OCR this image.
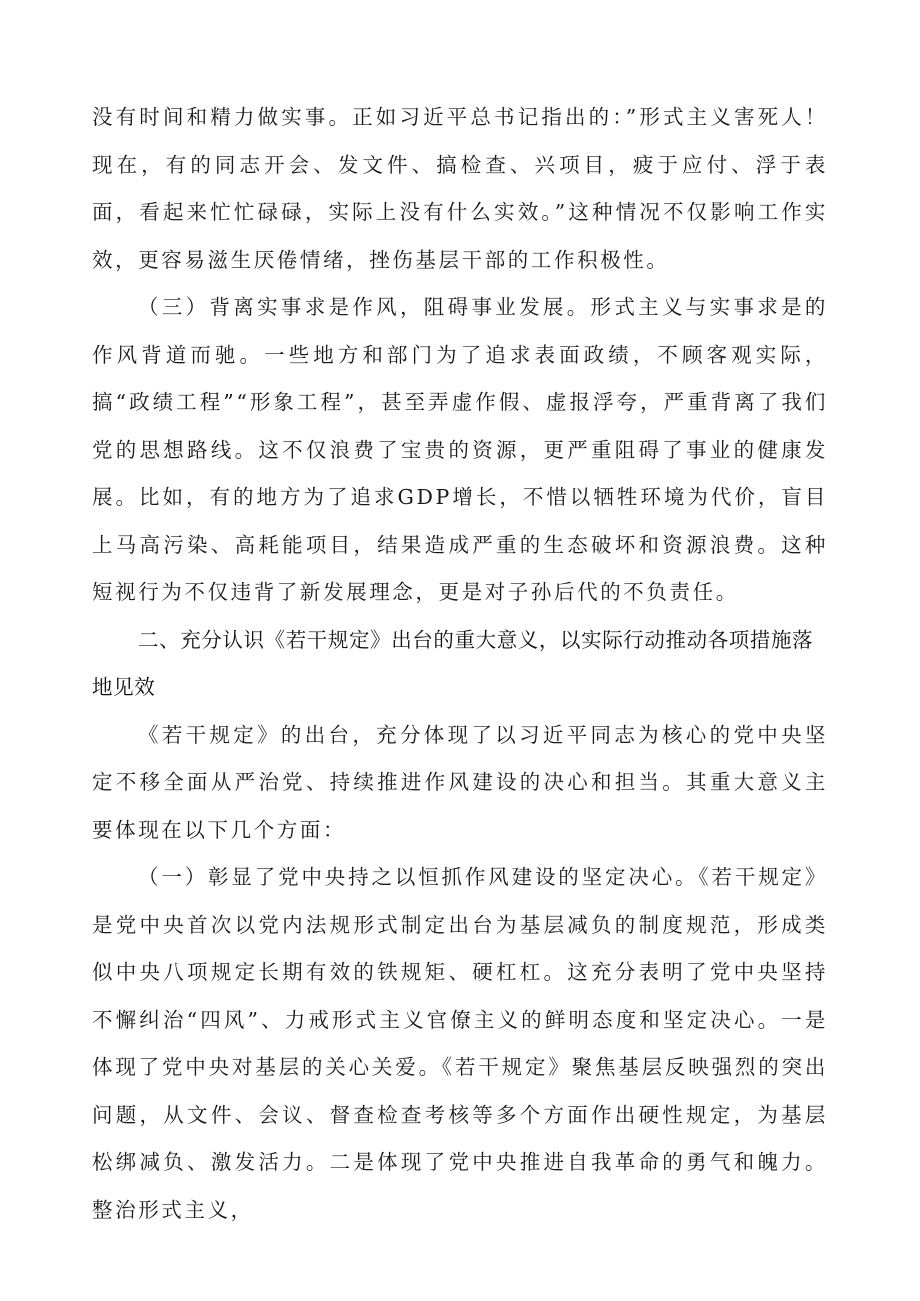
没有时间和精力做实事。正如习近平总书记指出的：”形式主义害死人！现在，有的同志开会、发文件、搞检查、兴项目，疲于应付、浮于表面，看起来忙忙碌碌，实际上没有什么实效。”这种情况不仅影响工作实效，更容易滋生厌倦情绪，挫伤基层干部的工作积极性。

（三）背离实事求是作风，阻碍事业发展。形式主义与实事求是的作风背道而驰。一些地方和部门为了追求表面政绩，不顾客观实际，搞“政绩工程”“形象工程”，甚至弄虚作假、虚报浮夸，严重背离了我们党的思想路线。这不仅浪费了宝贵的资源，更严重阻碍了事业的健康发展。比如，有的地方为了追求GDP增长，不惜以牺牲环境为代价，盲目上马高污染、高耗能项目，结果造成严重的生态破坏和资源浪费。这种短视行为不仅违背了新发展理念，更是对子孙后代的不负责任。

二、充分认识《若干规定》出台的重大意义，以实际行动推动各项措施落地见效

《若干规定》的出台，充分体现了以习近平同志为核心的党中央坚定不移全面从严治党、持续推进作风建设的决心和担当。其重大意义主要体现在以下几个方面：

（一）彰显了党中央持之以恒抓作风建设的坚定决心。《若干规定》是党中央首次以党内法规形式制定出台为基层减负的制度规范，形成类似中央八项规定长期有效的铁规矩、硬杠杠。这充分表明了党中央坚持不懈纠治“四风”、力戒形式主义官僚主义的鲜明态度和坚定决心。一是体现了党中央对基层的关心关爱。《若干规定》聚焦基层反映强烈的突出问题，从文件、会议、督查检查考核等多个方面作出硬性规定，为基层松绑减负、激发活力。二是体现了党中央推进自我革命的勇气和魄力。整治形式主义，
